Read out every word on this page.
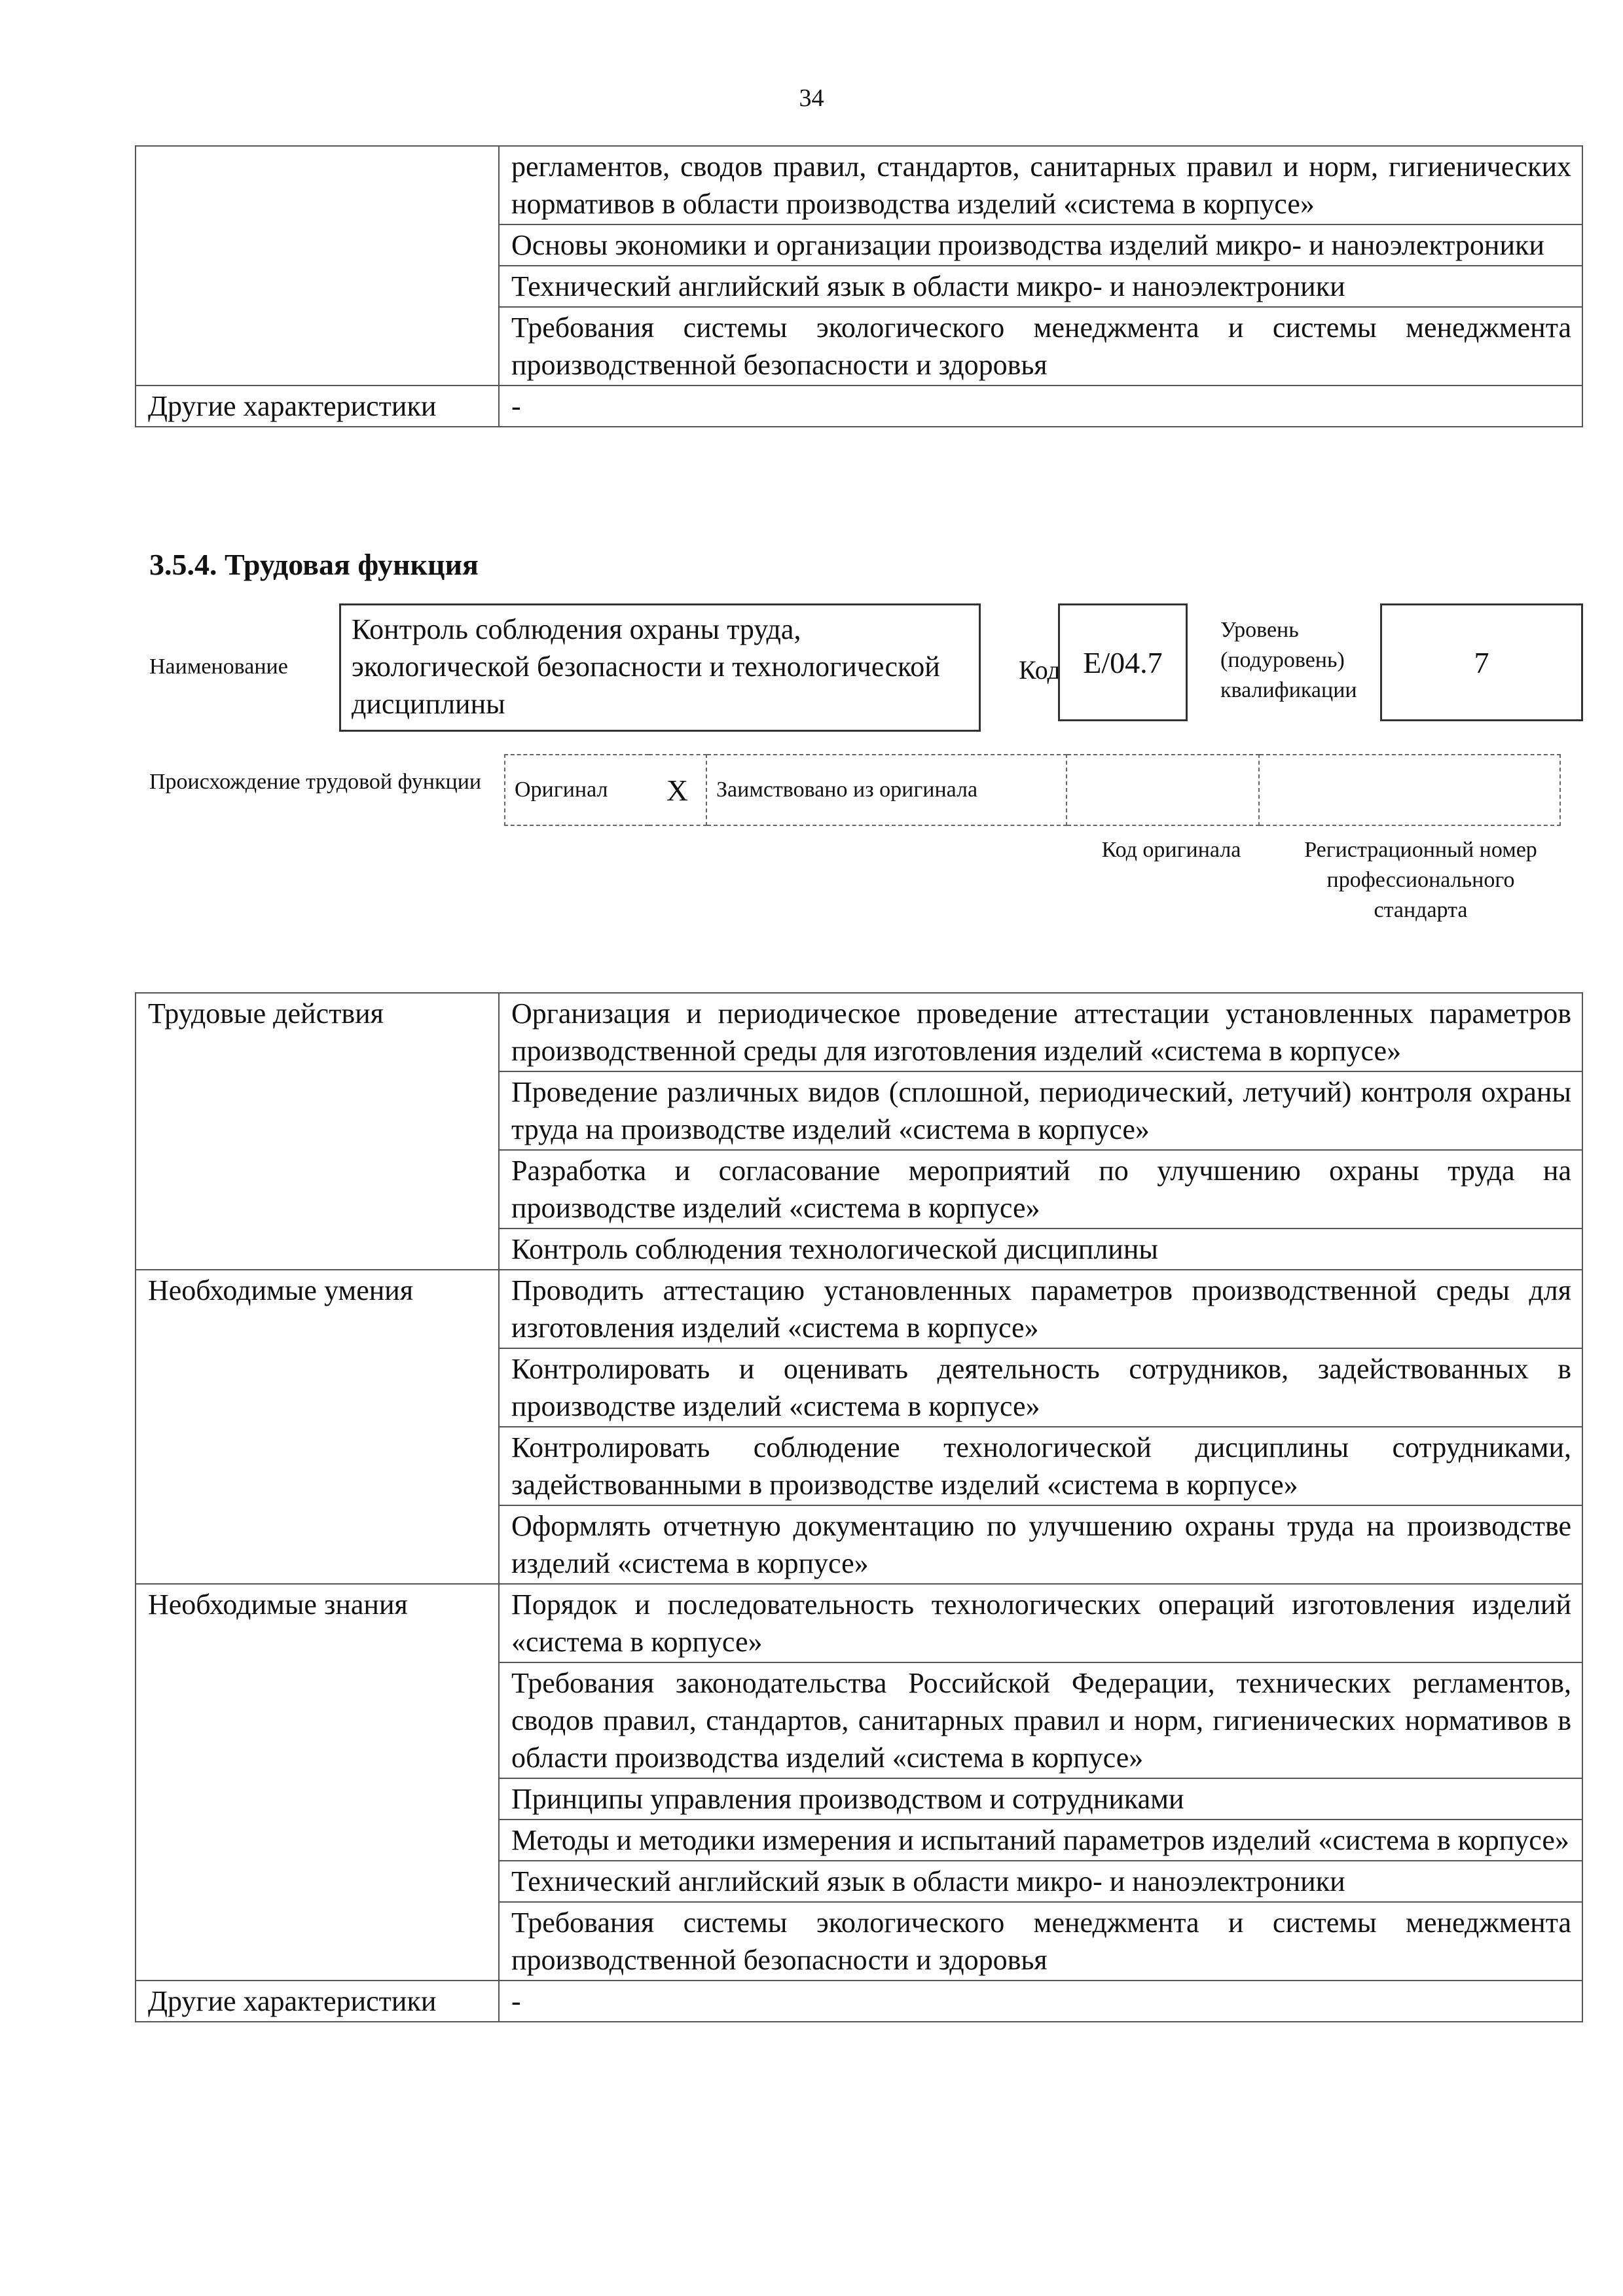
34
	регламентов, сводов правил, стандартов, санитарных правил и норм, гигиенических нормативов в области производства изделий «система в корпусе»
	Основы экономики и организации производства изделий микро- и наноэлектроники
	Технический английский язык в области микро- и наноэлектроники
	Требования системы экологического менеджмента и системы менеджмента производственной безопасности и здоровья
Другие характеристики	-
3.5.4. Трудовая функция
Наименование
Контроль соблюдения охраны труда, экологической безопасности и технологической дисциплины
Код E/04.7
Уровень (подуровень) квалификации
7
Происхождение трудовой функции	Оригинал	X	Заимствовано из оригинала		
Код оригинала	Регистрационный номер профессионального стандарта
Трудовые действия	Организация и периодическое проведение аттестации установленных параметров производственной среды для изготовления изделий «система в корпусе»
	Проведение различных видов (сплошной, периодический, летучий) контроля охраны труда на производстве изделий «система в корпусе»
	Разработка и согласование мероприятий по улучшению охраны труда на производстве изделий «система в корпусе»
	Контроль соблюдения технологической дисциплины
Необходимые умения	Проводить аттестацию установленных параметров производственной среды для изготовления изделий «система в корпусе»
	Контролировать и оценивать деятельность сотрудников, задействованных в производстве изделий «система в корпусе»
	Контролировать соблюдение технологической дисциплины сотрудниками, задействованными в производстве изделий «система в корпусе»
	Оформлять отчетную документацию по улучшению охраны труда на производстве изделий «система в корпусе»
Необходимые знания	Порядок и последовательность технологических операций изготовления изделий «система в корпусе»
	Требования законодательства Российской Федерации, технических регламентов, сводов правил, стандартов, санитарных правил и норм, гигиенических нормативов в области производства изделий «система в корпусе»
	Принципы управления производством и сотрудниками
	Методы и методики измерения и испытаний параметров изделий «система в корпусе»
	Технический английский язык в области микро- и наноэлектроники
	Требования системы экологического менеджмента и системы менеджмента производственной безопасности и здоровья
Другие характеристики	-
